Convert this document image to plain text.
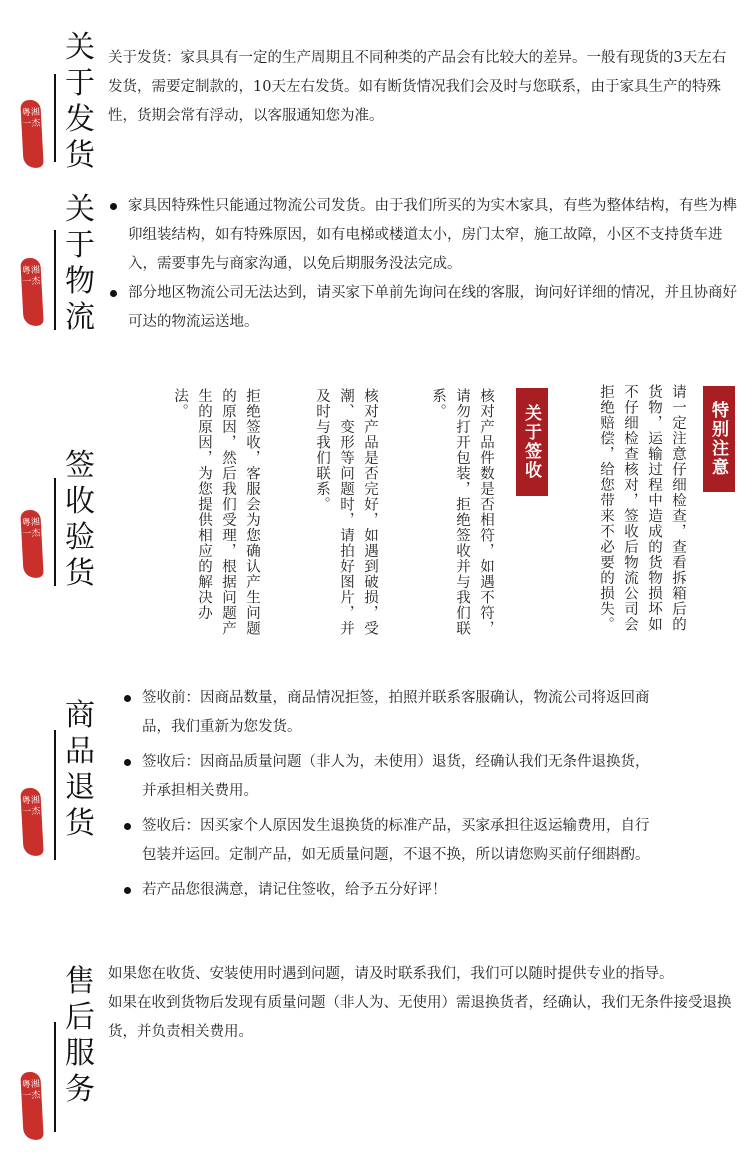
关
于
发
货
粤湘一杰
关于发货：家具具有一定的生产周期且不同种类的产品会有比较大的差异。一般有现货的3天左右发货，需要定制款的，10天左右发货。如有断货情况我们会及时与您联系，由于家具生产的特殊性，货期会常有浮动，以客服通知您为准。
关
于
物
流
粤湘一杰
家具因特殊性只能通过物流公司发货。由于我们所买的为实木家具，有些为整体结构，有些为榫卯组装结构，如有特殊原因，如有电梯或楼道太小，房门太窄，施工故障，小区不支持货车进入，需要事先与商家沟通，以免后期服务没法完成。
部分地区物流公司无法达到，请买家下单前先询问在线的客服，询问好详细的情况，并且协商好可达的物流运送地。
签
收
验
货
粤湘一杰
特别注意
请一定注意仔细检查，查看拆箱后的货物，运输过程中造成的货物损坏如不仔细检查核对，签收后物流公司会拒绝赔偿，给您带来不必要的损失。
关于签收
核对产品件数是否相符，如遇不符，请勿打开包装，拒绝签收并与我们联系。
核对产品是否完好，如遇到破损，受潮、变形等问题时，请拍好图片，并及时与我们联系。
拒绝签收，客服会为您确认产生问题的原因，然后我们受理，根据问题产生的原因，为您提供相应的解决办法。
商
品
退
货
粤湘一杰
签收前：因商品数量，商品情况拒签，拍照并联系客服确认，物流公司将返回商品，我们重新为您发货。
签收后：因商品质量问题（非人为，未使用）退货，经确认我们无条件退换货，并承担相关费用。
签收后：因买家个人原因发生退换货的标准产品，买家承担往返运输费用，自行包装并运回。定制产品，如无质量问题，不退不换，所以请您购买前仔细斟酌。
若产品您很满意，请记住签收，给予五分好评！
售
后
服
务
粤湘一杰
如果您在收货、安装使用时遇到问题，请及时联系我们，我们可以随时提供专业的指导。
如果在收到货物后发现有质量问题（非人为、无使用）需退换货者，经确认，我们无条件接受退换货，并负责相关费用。
